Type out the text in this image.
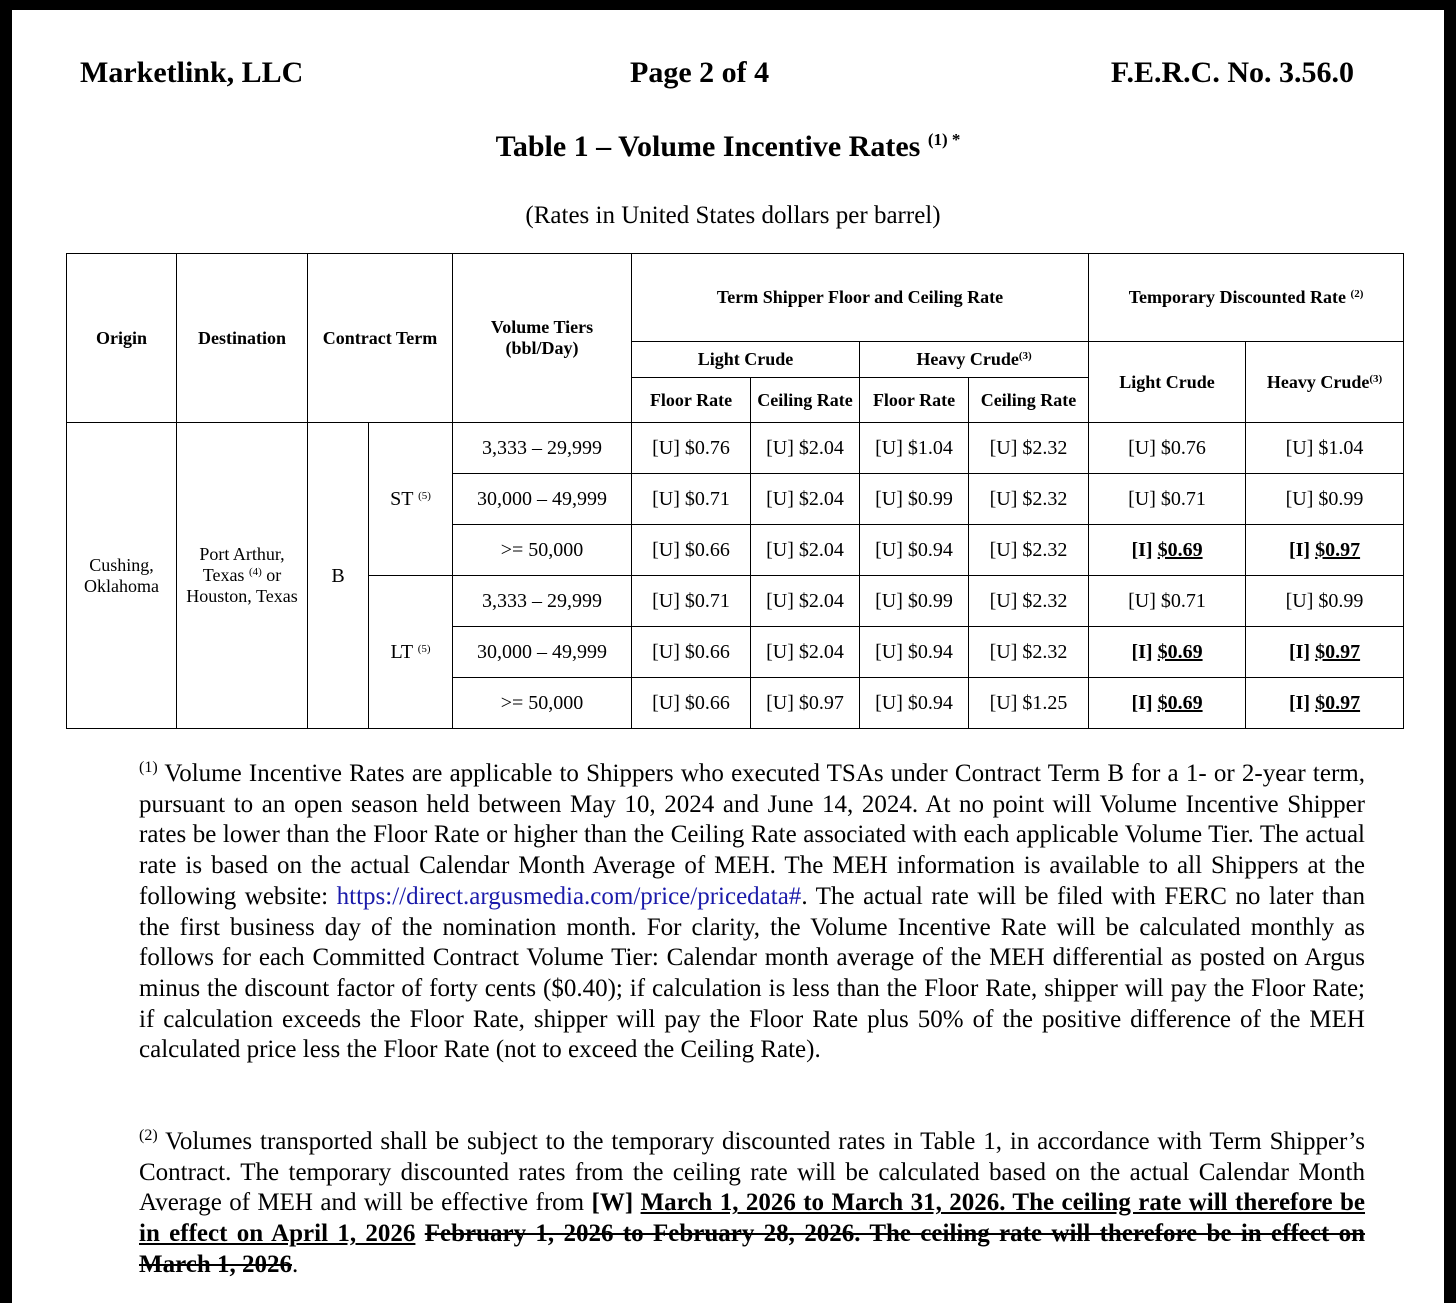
Marketlink, LLC	Page 2 of 4	F.E.R.C. No. 3.56.0
Table 1 – Volume Incentive Rates $^{(1) *}$
(Rates in United States dollars per barrel)
Origin	Destination	Contract Term		Volume Tiers (bbl/Day)	Term Shipper Floor and Ceiling Rate				Temporary Discounted Rate $^{(2)}$
					Light Crude		Heavy Crude$^{(3)}$		Light Crude	Heavy Crude$^{(3)}$
					Floor Rate	Ceiling Rate	Floor Rate	Ceiling Rate		
Cushing, Oklahoma	Port Arthur, Texas $^{(4)}$ or Houston, Texas	B	ST $^{(5)}$	3,333 – 29,999	[U] $0.76	[U] $2.04	[U] $1.04	[U] $2.32	[U] $0.76	[U] $1.04
				30,000 – 49,999	[U] $0.71	[U] $2.04	[U] $0.99	[U] $2.32	[U] $0.71	[U] $0.99
				>= 50,000	[U] $0.66	[U] $2.04	[U] $0.94	[U] $2.32	[I] $0.69	[I] $0.97
			LT $^{(5)}$	3,333 – 29,999	[U] $0.71	[U] $2.04	[U] $0.99	[U] $2.32	[U] $0.71	[U] $0.99
				30,000 – 49,999	[U] $0.66	[U] $2.04	[U] $0.94	[U] $2.32	[I] $0.69	[I] $0.97
				>= 50,000	[U] $0.66	[U] $0.97	[U] $0.94	[U] $1.25	[I] $0.69	[I] $0.97
$^{(1)}$ Volume Incentive Rates are applicable to Shippers who executed TSAs under Contract Term B for a 1- or 2-year term, pursuant to an open season held between May 10, 2024 and June 14, 2024. At no point will Volume Incentive Shipper rates be lower than the Floor Rate or higher than the Ceiling Rate associated with each applicable Volume Tier. The actual rate is based on the actual Calendar Month Average of MEH. The MEH information is available to all Shippers at the following website: https://direct.argusmedia.com/price/pricedata#. The actual rate will be filed with FERC no later than the first business day of the nomination month. For clarity, the Volume Incentive Rate will be calculated monthly as follows for each Committed Contract Volume Tier: Calendar month average of the MEH differential as posted on Argus minus the discount factor of forty cents ($0.40); if calculation is less than the Floor Rate, shipper will pay the Floor Rate; if calculation exceeds the Floor Rate, shipper will pay the Floor Rate plus 50% of the positive difference of the MEH calculated price less the Floor Rate (not to exceed the Ceiling Rate).
$^{(2)}$ Volumes transported shall be subject to the temporary discounted rates in Table 1, in accordance with Term Shipper’s Contract. The temporary discounted rates from the ceiling rate will be calculated based on the actual Calendar Month Average of MEH and will be effective from [W] March 1, 2026 to March 31, 2026. The ceiling rate will therefore be in effect on April 1, 2026 February 1, 2026 to February 28, 2026. The ceiling rate will therefore be in effect on March 1, 2026.
